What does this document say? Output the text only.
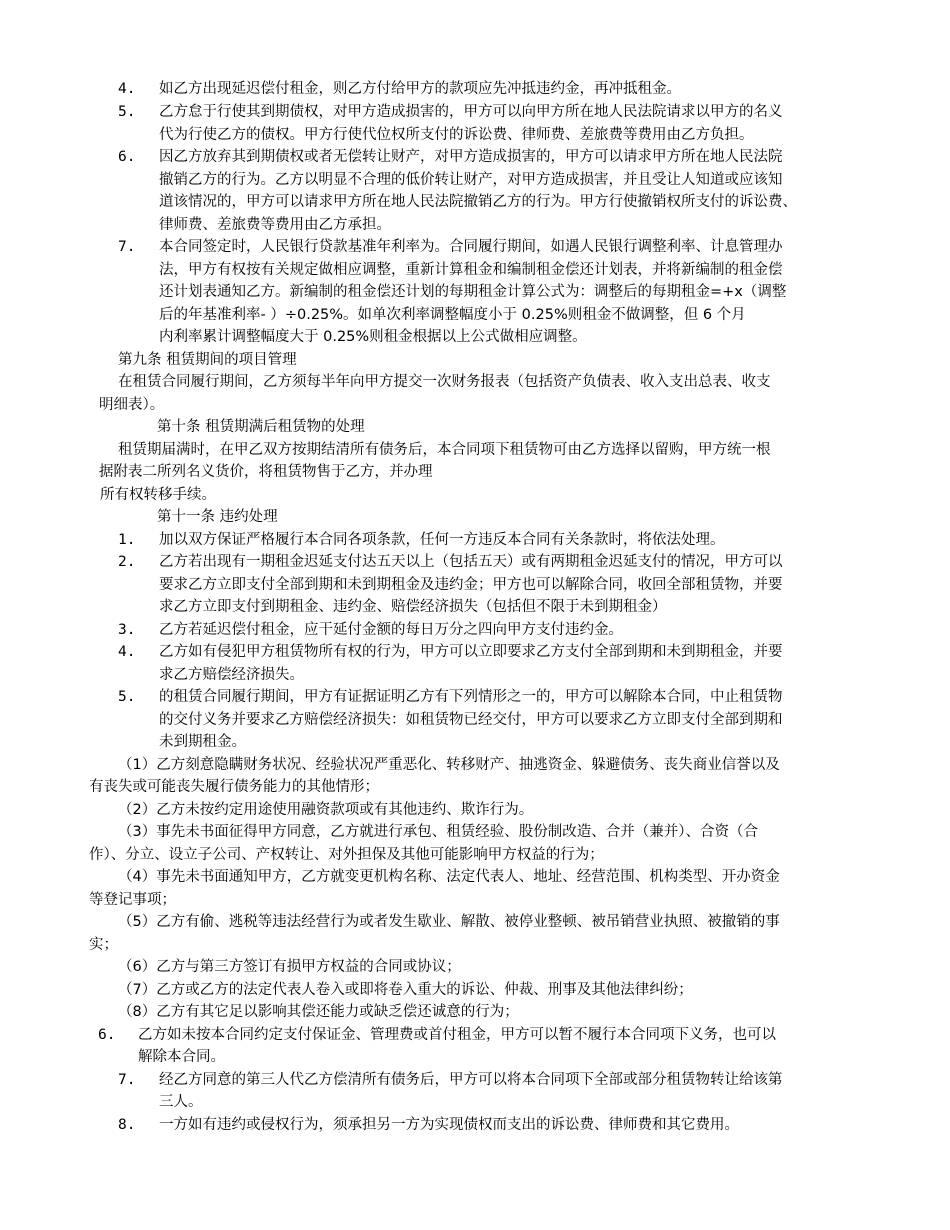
4. 如乙方出现延迟偿付租金，则乙方付给甲方的款项应先冲抵违约金，再冲抵租金。
5. 乙方怠于行使其到期债权，对甲方造成损害的，甲方可以向甲方所在地人民法院请求以甲方的名义
代为行使乙方的债权。甲方行使代位权所支付的诉讼费、律师费、差旅费等费用由乙方负担。
6. 因乙方放弃其到期债权或者无偿转让财产，对甲方造成损害的，甲方可以请求甲方所在地人民法院
撤销乙方的行为。乙方以明显不合理的低价转让财产，对甲方造成损害，并且受让人知道或应该知
道该情况的，甲方可以请求甲方所在地人民法院撤销乙方的行为。甲方行使撤销权所支付的诉讼费、
律师费、差旅费等费用由乙方承担。
7. 本合同签定时，人民银行贷款基准年利率为。合同履行期间，如遇人民银行调整利率、计息管理办
法，甲方有权按有关规定做相应调整，重新计算租金和编制租金偿还计划表，并将新编制的租金偿
还计划表通知乙方。新编制的租金偿还计划的每期租金计算公式为：调整后的每期租金=+x（调整
后的年基准利率- ）÷0.25%。如单次利率调整幅度小于 0.25%则租金不做调整，但 6 个月
内利率累计调整幅度大于 0.25%则租金根据以上公式做相应调整。
第九条 租赁期间的项目管理
在租赁合同履行期间，乙方须每半年向甲方提交一次财务报表（包括资产负债表、收入支出总表、收支
明细表）。
第十条 租赁期满后租赁物的处理
租赁期届满时，在甲乙双方按期结清所有债务后，本合同项下租赁物可由乙方选择以留购，甲方统一根
据附表二所列名义货价，将租赁物售于乙方，并办理
所有权转移手续。
第十一条 违约处理
1. 加以双方保证严格履行本合同各项条款，任何一方违反本合同有关条款时，将依法处理。
2. 乙方若出现有一期租金迟延支付达五天以上（包括五天）或有两期租金迟延支付的情况，甲方可以
要求乙方立即支付全部到期和未到期租金及违约金；甲方也可以解除合同，收回全部租赁物，并要
求乙方立即支付到期租金、违约金、赔偿经济损失（包括但不限于未到期租金）
3. 乙方若延迟偿付租金，应干延付金额的每日万分之四向甲方支付违约金。
4. 乙方如有侵犯甲方租赁物所有权的行为，甲方可以立即要求乙方支付全部到期和未到期租金，并要
求乙方赔偿经济损失。
5. 的租赁合同履行期间，甲方有证据证明乙方有下列情形之一的，甲方可以解除本合同，中止租赁物
的交付义务并要求乙方赔偿经济损失：如租赁物已经交付，甲方可以要求乙方立即支付全部到期和
未到期租金。
（1）乙方刻意隐瞒财务状况、经验状况严重恶化、转移财产、抽逃资金、躲避债务、丧失商业信誉以及
有丧失或可能丧失履行债务能力的其他情形；
（2）乙方未按约定用途使用融资款项或有其他违约、欺诈行为。
（3）事先未书面征得甲方同意，乙方就进行承包、租赁经验、股份制改造、合并（兼并）、合资（合
作）、分立、设立子公司、产权转让、对外担保及其他可能影响甲方权益的行为；
（4）事先未书面通知甲方，乙方就变更机构名称、法定代表人、地址、经营范围、机构类型、开办资金
等登记事项；
（5）乙方有偷、逃税等违法经营行为或者发生歇业、解散、被停业整顿、被吊销营业执照、被撤销的事
实；
（6）乙方与第三方签订有损甲方权益的合同或协议；
（7）乙方或乙方的法定代表人卷入或即将卷入重大的诉讼、仲裁、刑事及其他法律纠纷；
（8）乙方有其它足以影响其偿还能力或缺乏偿还诚意的行为；
6. 乙方如未按本合同约定支付保证金、管理费或首付租金，甲方可以暂不履行本合同项下义务，也可以
解除本合同。
7. 经乙方同意的第三人代乙方偿清所有债务后，甲方可以将本合同项下全部或部分租赁物转让给该第
三人。
8. 一方如有违约或侵权行为，须承担另一方为实现债权而支出的诉讼费、律师费和其它费用。
